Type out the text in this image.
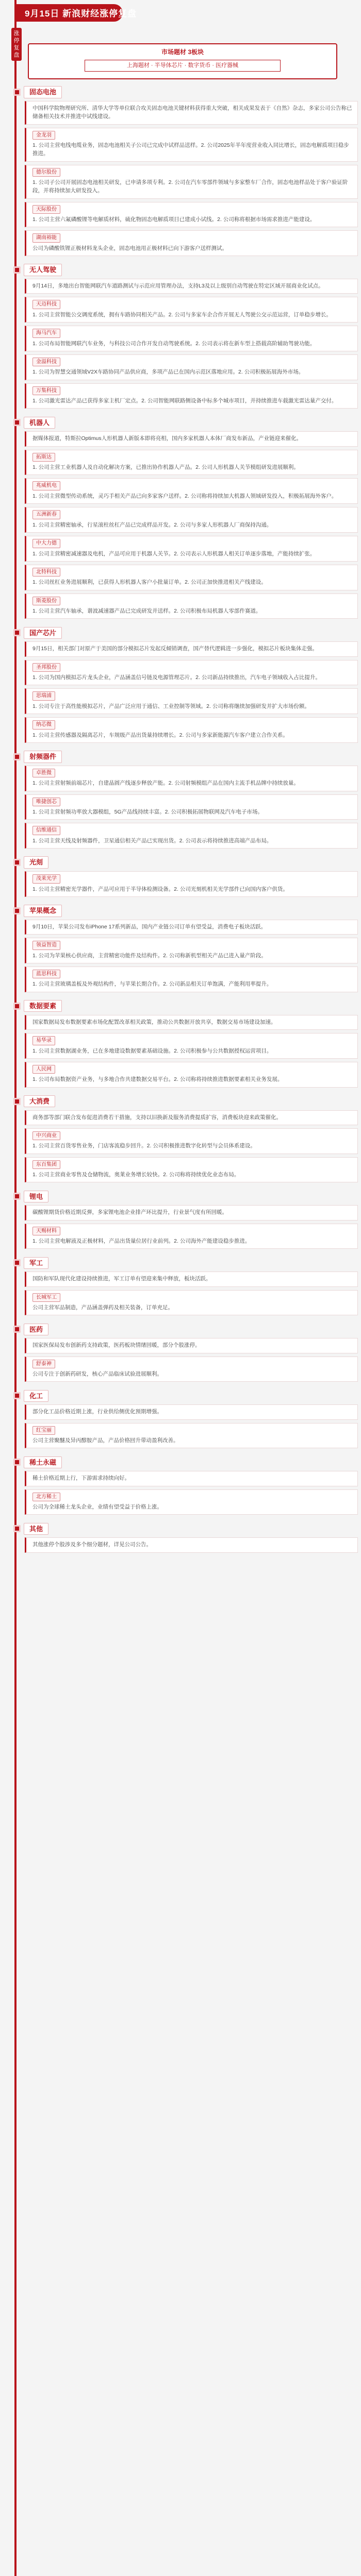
9月15日 新浪财经涨停复盘
涨
停
复
盘	市场题材 3板块
上海题材 · 半导体芯片 · 数字货币 · 医疗器械
固态电池

中国科学院物理研究所、清华大学等单位联合攻关固态电池关键材料获得重大突破，相关成果发表于《自然》杂志，多家公司公告称已储备相关技术并推进中试线建设。

金龙羽

1. 公司主营电线电缆业务，固态电池相关子公司已完成中试样品送样。2. 公司2025年半年度营业收入同比增长，固态电解质项目稳步推进。

德尔股份

1. 公司子公司开展固态电池相关研发，已申请多项专利。2. 公司在汽车零部件领域与多家整车厂合作，固态电池样品处于客户验证阶段，并将持续加大研发投入。

天际股份

1. 公司主营六氟磷酸锂等电解质材料，硫化物固态电解质项目已建成小试线。2. 公司称将根据市场需求推进产能建设。

湖南裕能

公司为磷酸铁锂正极材料龙头企业，固态电池用正极材料已向下游客户送样测试。

无人驾驶

9月14日，多地出台智能网联汽车道路测试与示范应用管理办法，支持L3及以上级别自动驾驶在特定区域开展商业化试点。

天迈科技

1. 公司主营智能公交调度系统，拥有车路协同相关产品。2. 公司与多家车企合作开展无人驾驶公交示范运营，订单稳步增长。

海马汽车

1. 公司布局智能网联汽车业务，与科技公司合作开发自动驾驶系统。2. 公司表示将在新车型上搭载高阶辅助驾驶功能。

金溢科技

1. 公司为智慧交通领域V2X车路协同产品供应商，多项产品已在国内示范区落地应用。2. 公司积极拓展海外市场。

万集科技

1. 公司激光雷达产品已获得多家主机厂定点。2. 公司智能网联路侧设备中标多个城市项目，并持续推进车载激光雷达量产交付。

机器人

据媒体报道，特斯拉Optimus人形机器人新版本即将亮相，国内多家机器人本体厂商发布新品，产业链迎来催化。

拓斯达

1. 公司主营工业机器人及自动化解决方案，已推出协作机器人产品。2. 公司人形机器人关节模组研发进展顺利。

兆威机电

1. 公司主营微型传动系统，灵巧手相关产品已向多家客户送样。2. 公司称将持续加大机器人领域研发投入，积极拓展海外客户。

五洲新春

1. 公司主营精密轴承，行星滚柱丝杠产品已完成样品开发。2. 公司与多家人形机器人厂商保持沟通。

中大力德

1. 公司主营精密减速器及电机，产品可应用于机器人关节。2. 公司表示人形机器人相关订单逐步落地，产能持续扩张。

北特科技

1. 公司丝杠业务进展顺利，已获得人形机器人客户小批量订单。2. 公司正加快推进相关产线建设。

斯菱股份

1. 公司主营汽车轴承，谐波减速器产品已完成研发并送样。2. 公司积极布局机器人零部件赛道。

国产芯片

9月15日，相关部门对原产于美国的部分模拟芯片发起反倾销调查，国产替代逻辑进一步强化，模拟芯片板块集体走强。

圣邦股份

1. 公司为国内模拟芯片龙头企业，产品涵盖信号链及电源管理芯片。2. 公司新品持续推出，汽车电子领域收入占比提升。

思瑞浦

1. 公司专注于高性能模拟芯片，产品广泛应用于通信、工业控制等领域。2. 公司称将继续加强研发并扩大市场份额。

纳芯微

1. 公司主营传感器及隔离芯片，车规级产品出货量持续增长。2. 公司与多家新能源汽车客户建立合作关系。

射频器件
卓胜微

1. 公司主营射频前端芯片，自建晶圆产线逐步释放产能。2. 公司射频模组产品在国内主流手机品牌中持续放量。

唯捷创芯

1. 公司主营射频功率放大器模组，5G产品线持续丰富。2. 公司积极拓展物联网及汽车电子市场。

信维通信

1. 公司主营天线及射频器件，卫星通信相关产品已实现出货。2. 公司表示将持续推进高端产品布局。

光刻
茂莱光学

1. 公司主营精密光学器件，产品可应用于半导体检测设备。2. 公司光刻机相关光学部件已向国内客户供货。

苹果概念

9月10日，苹果公司发布iPhone 17系列新品，国内产业链公司订单有望受益，消费电子板块活跃。

领益智造

1. 公司为苹果核心供应商，主营精密功能件及结构件。2. 公司称新机型相关产品已进入量产阶段。

蓝思科技

1. 公司主营玻璃盖板及外观结构件，与苹果长期合作。2. 公司新品相关订单饱满，产能利用率提升。

数据要素

国家数据局发布数据要素市场化配置改革相关政策，推动公共数据开放共享，数据交易市场建设加速。

易华录

1. 公司主营数据湖业务，已在多地建设数据要素基础设施。2. 公司积极参与公共数据授权运营项目。

人民网

1. 公司布局数据资产业务，与多地合作共建数据交易平台。2. 公司称将持续推进数据要素相关业务发展。

大消费

商务部等部门联合发布促进消费若干措施，支持以旧换新及服务消费提质扩容，消费板块迎来政策催化。

中兴商业

1. 公司主营百货零售业务，门店客流稳步回升。2. 公司积极推进数字化转型与会员体系建设。

东百集团

1. 公司主营商业零售及仓储物流，奥莱业务增长较快。2. 公司称将持续优化业态布局。

锂电

碳酸锂期货价格近期反弹，多家锂电池企业排产环比提升，行业景气度有所回暖。

天赐材料

1. 公司主营电解液及正极材料，产品出货量位居行业前列。2. 公司海外产能建设稳步推进。

军工

国防和军队现代化建设持续推进，军工订单有望迎来集中释放，板块活跃。

长城军工

公司主营军品制造，产品涵盖弹药及相关装备，订单充足。

医药

国家医保局发布创新药支持政策，医药板块情绪回暖，部分个股涨停。

舒泰神

公司专注于创新药研发，核心产品临床试验进展顺利。

化工

部分化工品价格近期上涨，行业供给侧优化预期增强。

红宝丽

公司主营聚醚及异丙醇胺产品，产品价格回升带动盈利改善。

稀土永磁

稀土价格近期上行，下游需求持续向好。

北方稀土

公司为全球稀土龙头企业，业绩有望受益于价格上涨。

其他

其他涨停个股涉及多个细分题材，详见公司公告。
